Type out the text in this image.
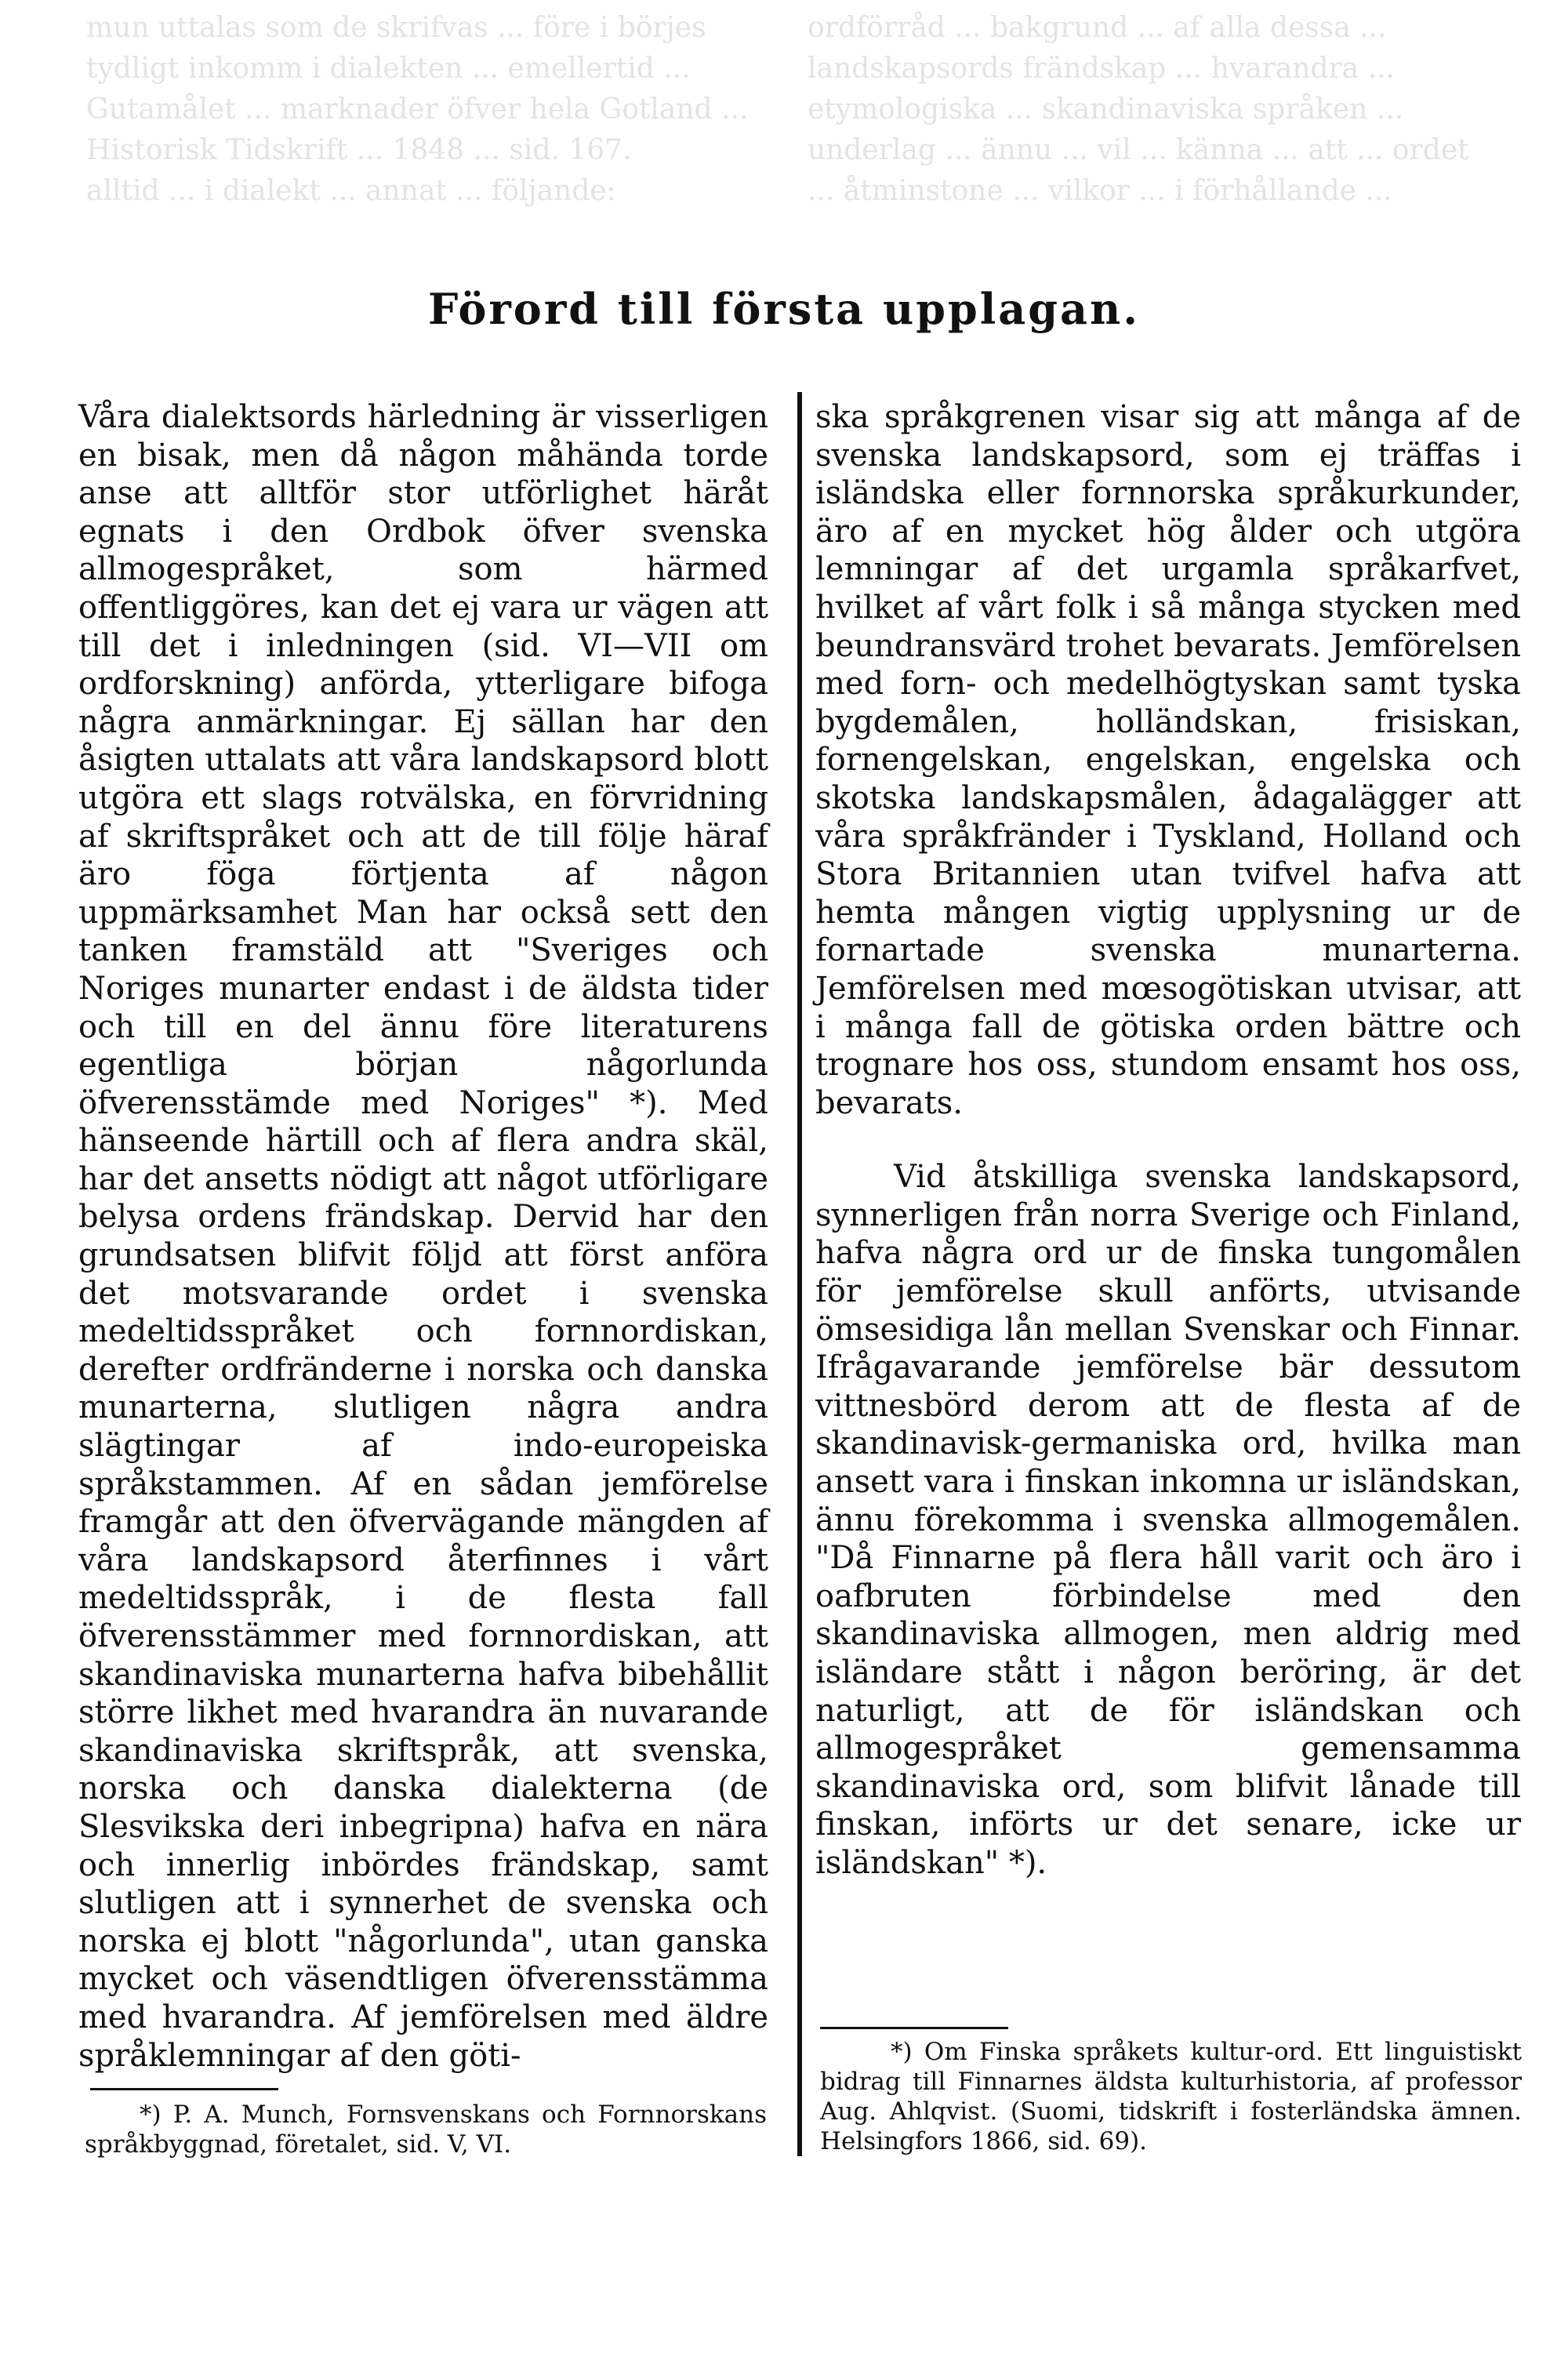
mun uttalas som de skrifvas ... före i börjes tydligt inkomm i dialekten ... emellertid ... Gutamålet ... marknader öfver hela Gotland ... Historisk Tidskrift ... 1848 ... sid. 167.
alltid ... i dialekt ... annat ... följande:
ordförråd ... bakgrund ... af alla dessa ... landskapsords frändskap ... hvarandra ... etymologiska ... skandinaviska språken ... underlag ... ännu ... vil ... känna ... att ... ordet ... åtminstone ... vilkor ... i förhållande ...
Förord till första upplagan.

Våra dialektsords härledning är visserligen en bisak, men då någon måhända torde anse att alltför stor utförlighet häråt egnats i den Ordbok öfver svenska allmogespråket, som härmed offentliggöres, kan det ej vara ur vägen att till det i inledningen (sid. VI—VII om ordforskning) anförda, ytterligare bifoga några anmärkningar. Ej sällan har den åsigten uttalats att våra landskapsord blott utgöra ett slags rotvälska, en förvridning af skriftspråket och att de till följe häraf äro föga förtjenta af någon uppmärksamhet Man har också sett den tanken framstäld att "Sveriges och Noriges munarter endast i de äldsta tider och till en del ännu före literaturens egentliga början någorlunda öfverensstämde med Noriges" *). Med hänseende härtill och af flera andra skäl, har det ansetts nödigt att något utförligare belysa ordens frändskap. Dervid har den grundsatsen blifvit följd att först anföra det motsvarande ordet i svenska medeltidsspråket och fornnordiskan, derefter ordfränderne i norska och danska munarterna, slutligen några andra slägtingar af indo-europeiska språkstammen. Af en sådan jemförelse framgår att den öfvervägande mängden af våra landskapsord återfinnes i vårt medeltidsspråk, i de flesta fall öfverensstämmer med fornnordiskan, att skandinaviska munarterna hafva bibehållit större likhet med hvarandra än nuvarande skandinaviska skriftspråk, att svenska, norska och danska dialekterna (de Slesvikska deri inbegripna) hafva en nära och innerlig inbördes frändskap, samt slutligen att i synnerhet de svenska och norska ej blott "någorlunda", utan ganska mycket och väsendtligen öfverensstämma med hvarandra. Af jemförelsen med äldre språklemningar af den göti-

ska språkgrenen visar sig att många af de svenska landskapsord, som ej träffas i isländska eller fornnorska språkurkunder, äro af en mycket hög ålder och utgöra lemningar af det urgamla språkarfvet, hvilket af vårt folk i så många stycken med beundransvärd trohet bevarats. Jemförelsen med forn- och medelhögtyskan samt tyska bygdemålen, holländskan, frisiskan, fornengelskan, engelskan, engelska och skotska landskapsmålen, ådagalägger att våra språkfränder i Tyskland, Holland och Stora Britannien utan tvifvel hafva att hemta mången vigtig upplysning ur de fornartade svenska munarterna. Jemförelsen med mœsogötiskan utvisar, att i många fall de götiska orden bättre och trognare hos oss, stundom ensamt hos oss, bevarats.

Vid åtskilliga svenska landskapsord, synnerligen från norra Sverige och Finland, hafva några ord ur de finska tungomålen för jemförelse skull anförts, utvisande ömsesidiga lån mellan Svenskar och Finnar. Ifrågavarande jemförelse bär dessutom vittnesbörd derom att de flesta af de skandinavisk-germaniska ord, hvilka man ansett vara i finskan inkomna ur isländskan, ännu förekomma i svenska allmogemålen. "Då Finnarne på flera håll varit och äro i oafbruten förbindelse med den skandinaviska allmogen, men aldrig med isländare stått i någon beröring, är det naturligt, att de för isländskan och allmogespråket gemensamma skandinaviska ord, som blifvit lånade till finskan, införts ur det senare, icke ur isländskan" *).

*) P. A. Munch, Fornsvenskans och Fornnorskans språkbyggnad, företalet, sid. V, VI.
*) Om Finska språkets kultur-ord. Ett linguistiskt bidrag till Finnarnes äldsta kulturhistoria, af professor Aug. Ahlqvist. (Suomi, tidskrift i fosterländska ämnen. Helsingfors 1866, sid. 69).
